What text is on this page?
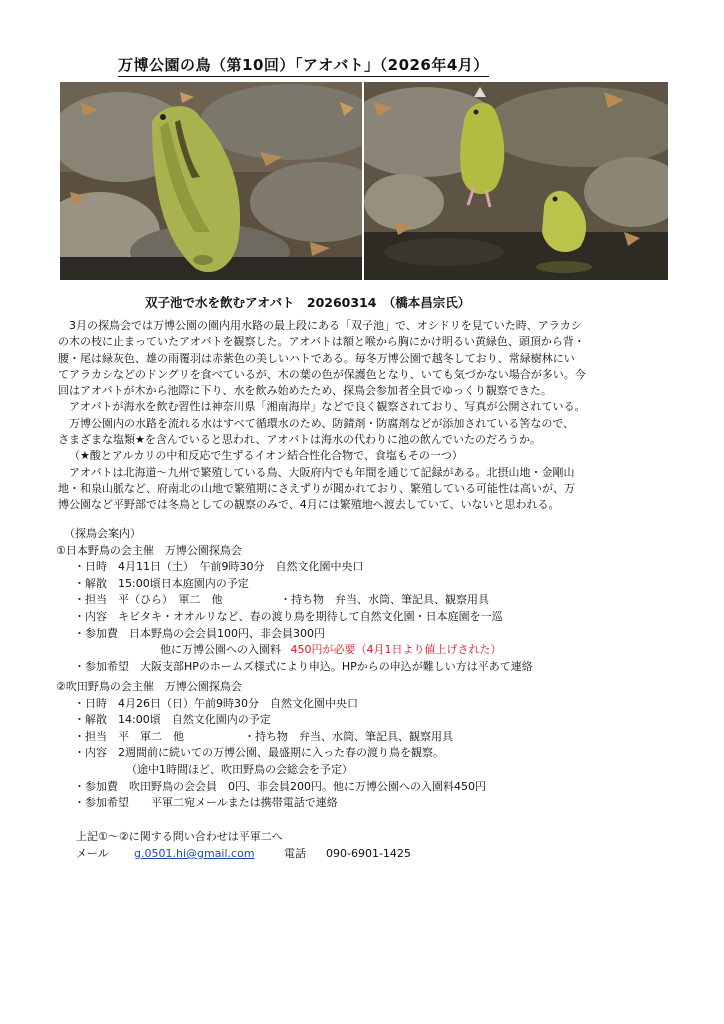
万博公園の鳥（第10回）「アオバト」（2026年4月）
双子池で水を飲むアオバト　20260314　（橋本昌宗氏）

3月の探鳥会では万博公園の園内用水路の最上段にある「双子池」で、オシドリを見ていた時、アラカシ

の木の枝に止まっていたアオバトを観察した。アオバトは額と喉から胸にかけ明るい黄緑色、頭頂から背・

腰・尾は緑灰色、雄の雨覆羽は赤紫色の美しいハトである。毎冬万博公園で越冬しており、常緑樹林にい

てアラカシなどのドングリを食べているが、木の葉の色が保護色となり、いても気づかない場合が多い。今

回はアオバトが木から池際に下り、水を飲み始めたため、探鳥会参加者全員でゆっくり観察できた。

アオバトが海水を飲む習性は神奈川県「湘南海岸」などで良く観察されており、写真が公開されている。

万博公園内の水路を流れる水はすべて循環水のため、防錆剤・防腐剤などが添加されている筈なので、

さまざまな塩類★を含んでいると思われ、アオバトは海水の代わりに池の飲んでいたのだろうか。

（★酸とアルカリの中和反応で生ずるイオン結合性化合物で、食塩もその一つ）

アオバトは北海道～九州で繁殖している鳥、大阪府内でも年間を通じて記録がある。北摂山地・金剛山

地・和泉山脈など、府南北の山地で繁殖期にさえずりが聞かれており、繁殖している可能性は高いが、万

博公園など平野部では冬鳥としての観察のみで、4月には繁殖地へ渡去していて、いないと思われる。

（探鳥会案内）
①日本野鳥の会主催　万博公園探鳥会
・日時　4月11日（土）　午前9時30分　自然文化園中央口
・解散　15:00頃日本庭園内の予定
・担当　平（ひら）　軍二　他	・持ち物　弁当、水筒、筆記具、観察用具
・内容　キビタキ・オオルリなど、春の渡り鳥を期待して自然文化園・日本庭園を一巡
・参加費　日本野鳥の会会員100円、非会員300円
他に万博公園への入園料 450円が必要（4月1日より値上げされた）
・参加希望　大阪支部HPのホームズ様式により申込。HPからの申込が難しい方は平あて連絡
②吹田野鳥の会主催　万博公園探鳥会
・日時　4月26日（日）午前9時30分　自然文化園中央口
・解散　14:00頃　自然文化園内の予定
・担当　平　軍二　他	・持ち物　弁当、水筒、筆記具、観察用具
・内容　2週間前に続いての万博公園、最盛期に入った春の渡り鳥を観察。
（途中1時間ほど、吹田野鳥の会総会を予定）
・参加費　吹田野鳥の会会員　0円、非会員200円。他に万博公園への入園料450円
・参加希望　　平軍二宛メールまたは携帯電話で連絡
上記①～②に関する問い合わせは平軍二へ
メール g.0501.hi@gmail.com	電話 090-6901-1425
